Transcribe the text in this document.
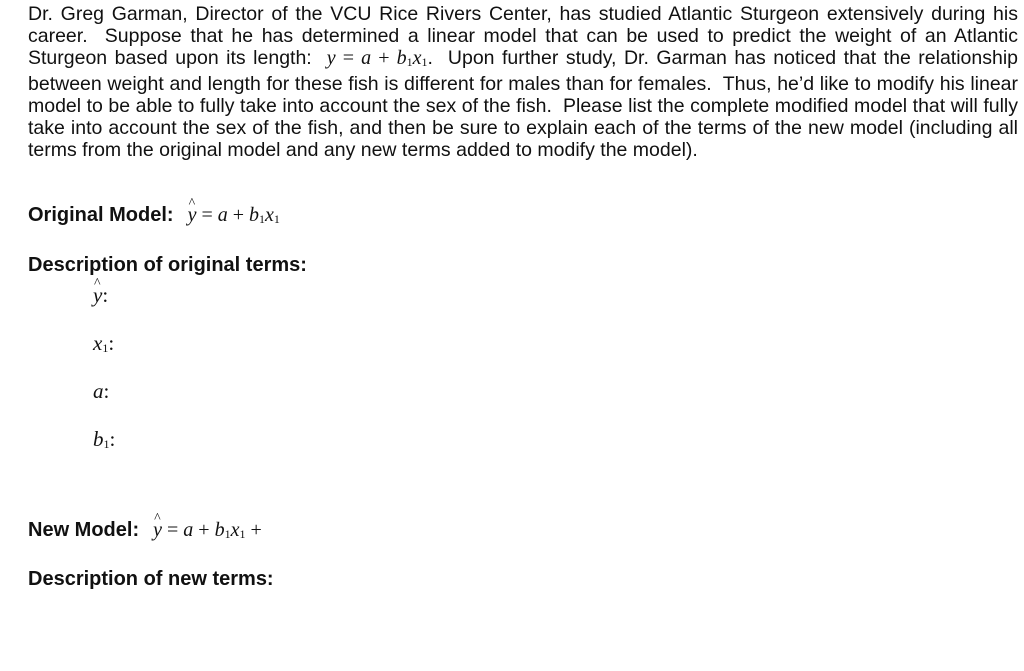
Dr. Greg Garman, Director of the VCU Rice Rivers Center, has studied Atlantic Sturgeon extensively during his career. Suppose that he has determined a linear model that can be used to predict the weight of an Atlantic Sturgeon based upon its length: y = a + b1x1.  Upon further study, Dr. Garman has noticed that the relationship between weight and length for these fish is different for males than for females. Thus, he’d like to modify his linear model to be able to fully take into account the sex of the fish. Please list the complete modified model that will fully take into account the sex of the fish, and then be sure to explain each of the terms of the new model (including all terms from the original model and any new terms added to modify the model).

Original Model: ^ y = a + b1x1
Description of original terms:
^ y:
x1:
a:
b1:
New Model: ^ y = a + b1x1 +
Description of new terms:
